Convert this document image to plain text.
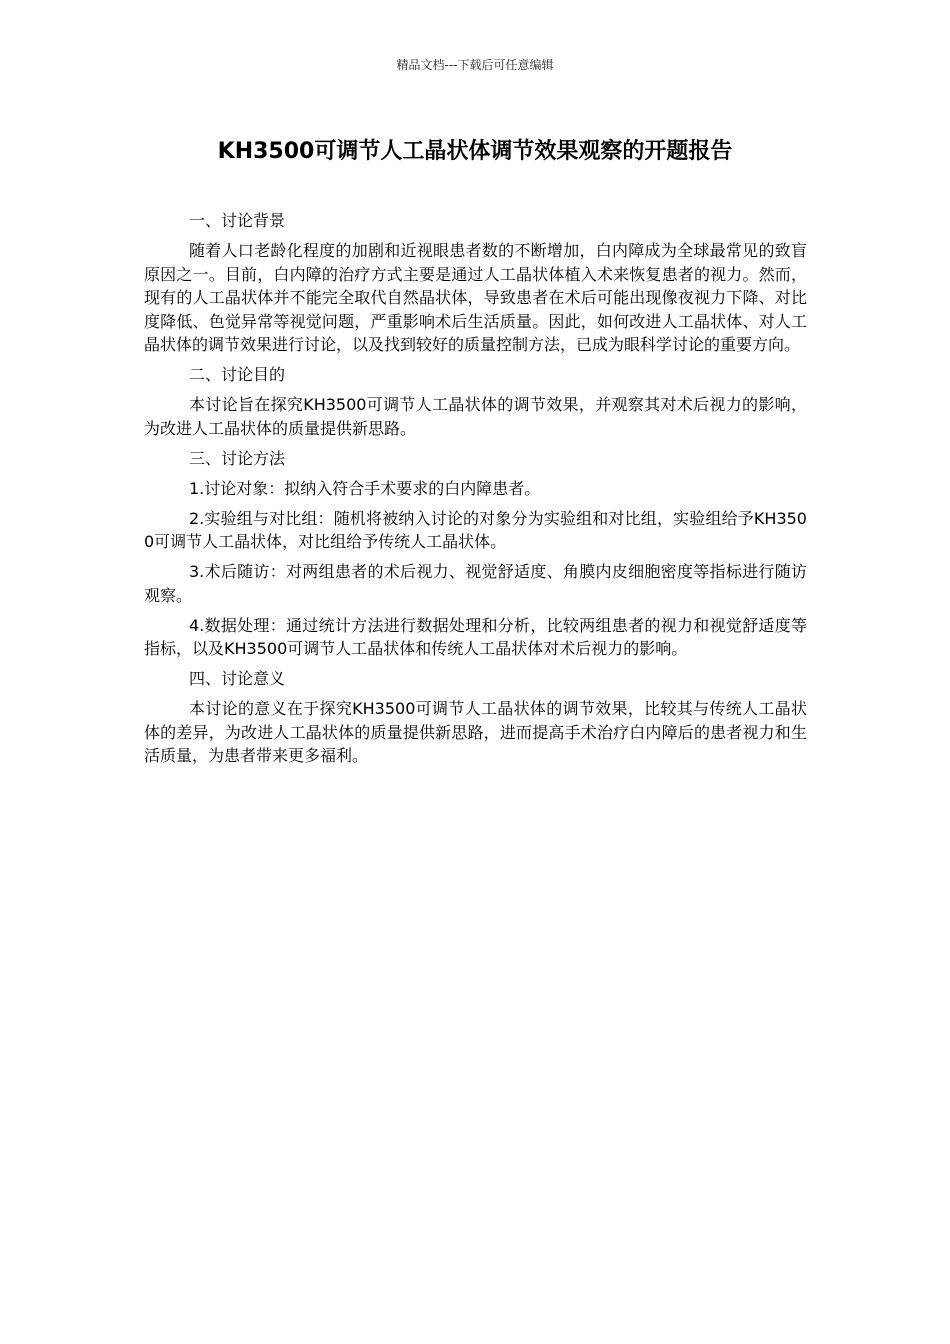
精品文档---下载后可任意编辑
KH3500可调节人工晶状体调节效果观察的开题报告

一、讨论背景

随着人口老龄化程度的加剧和近视眼患者数的不断增加，白内障成为全球最常见的致盲原因之一。目前，白内障的治疗方式主要是通过人工晶状体植入术来恢复患者的视力。然而，现有的人工晶状体并不能完全取代自然晶状体，导致患者在术后可能出现像夜视力下降、对比度降低、色觉异常等视觉问题，严重影响术后生活质量。因此，如何改进人工晶状体、对人工晶状体的调节效果进行讨论，以及找到较好的质量控制方法，已成为眼科学讨论的重要方向。

二、讨论目的

本讨论旨在探究KH3500可调节人工晶状体的调节效果，并观察其对术后视力的影响，为改进人工晶状体的质量提供新思路。

三、讨论方法

1.讨论对象：拟纳入符合手术要求的白内障患者。

2.实验组与对比组：随机将被纳入讨论的对象分为实验组和对比组，实验组给予KH3500可调节人工晶状体，对比组给予传统人工晶状体。

3.术后随访：对两组患者的术后视力、视觉舒适度、角膜内皮细胞密度等指标进行随访观察。

4.数据处理：通过统计方法进行数据处理和分析，比较两组患者的视力和视觉舒适度等指标，以及KH3500可调节人工晶状体和传统人工晶状体对术后视力的影响。

四、讨论意义

本讨论的意义在于探究KH3500可调节人工晶状体的调节效果，比较其与传统人工晶状体的差异，为改进人工晶状体的质量提供新思路，进而提高手术治疗白内障后的患者视力和生活质量，为患者带来更多福利。
